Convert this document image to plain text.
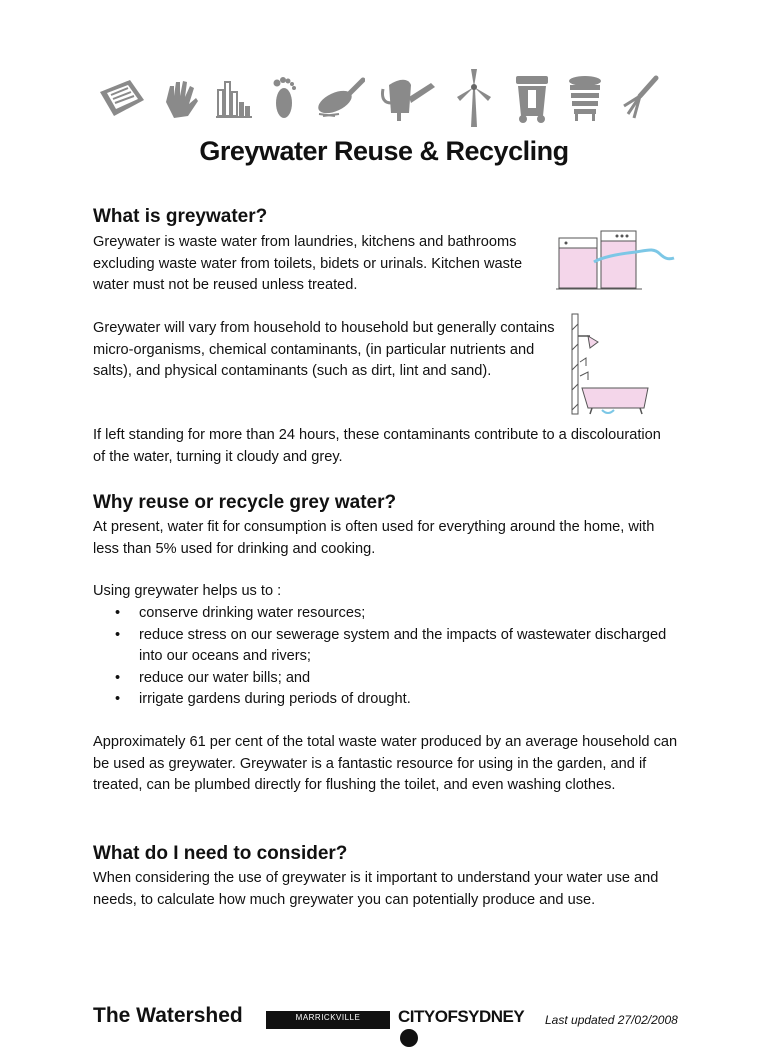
Greywater Reuse & Recycling
What is greywater?

Greywater is waste water from laundries, kitchens and bathrooms excluding waste water from toilets, bidets or urinals. Kitchen waste water must not be reused unless treated.

Greywater will vary from household to household but generally contains micro-organisms, chemical contaminants, (in particular nutrients and salts), and physical contaminants (such as dirt, lint and sand).

If left standing for more than 24 hours, these contaminants contribute to a discolouration of the water, turning it cloudy and grey.

Why reuse or recycle grey water?

At present, water fit for consumption is often used for everything around the home, with less than 5% used for drinking and cooking.

Using greywater helps us to :

• conserve drinking water resources;
• reduce stress on our sewerage system and the impacts of wastewater discharged into our oceans and rivers;
• reduce our water bills; and
• irrigate gardens during periods of drought.

Approximately 61 per cent of the total waste water produced by an average household can be used as greywater. Greywater is a fantastic resource for using in the garden, and if treated, can be plumbed directly for flushing the toilet, and even washing clothes.

What do I need to consider?

When considering the use of greywater is it important to understand your water use and needs, to calculate how much greywater you can potentially produce and use.

The Watershed	MARRICKVILLE	CITYOFSYDNEY Last updated 27/02/2008
